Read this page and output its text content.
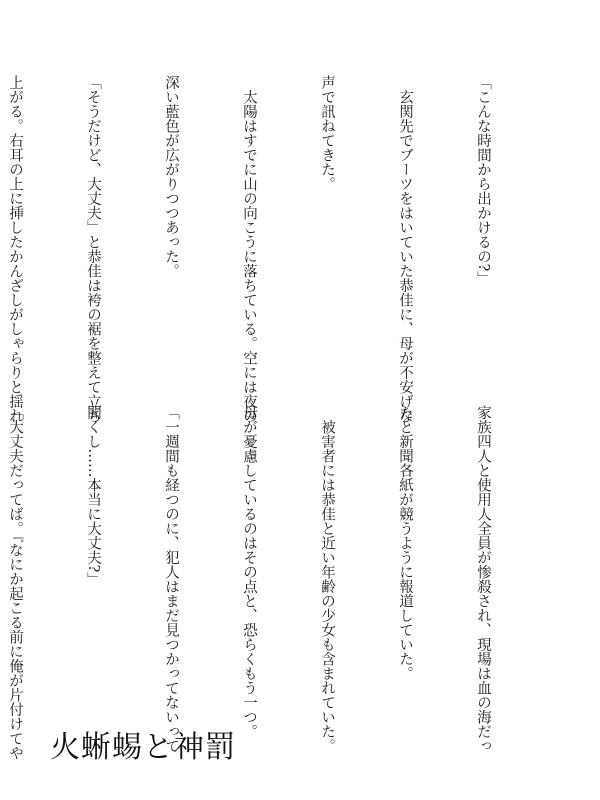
「こんな時間から出かけるの?」

　玄関先でブーツをはいていた恭佳に、母が不安げな

声で訊ねてきた。

　太陽はすでに山の向こうに落ちている。空には夜の

深い藍色が広がりつつあった。

「そうだけど、大丈夫」と恭佳は袴の裾を整えて立ち

上がる。右耳の上に挿したかんざしがしゃらりと揺れ

家族四人と使用人全員が惨殺され、現場は血の海だっ

たと新聞各紙が競うように報道していた。

　被害者には恭佳と近い年齢の少女も含まれていた。

母が憂慮しているのはその点と、恐らくもう一つ。

「一週間も経つのに、犯人はまだ見つかってないって

聞くし……本当に大丈夫?」

「大丈夫だってば。『なにか起こる前に俺が片付けてや

火蜥蜴と神罰
